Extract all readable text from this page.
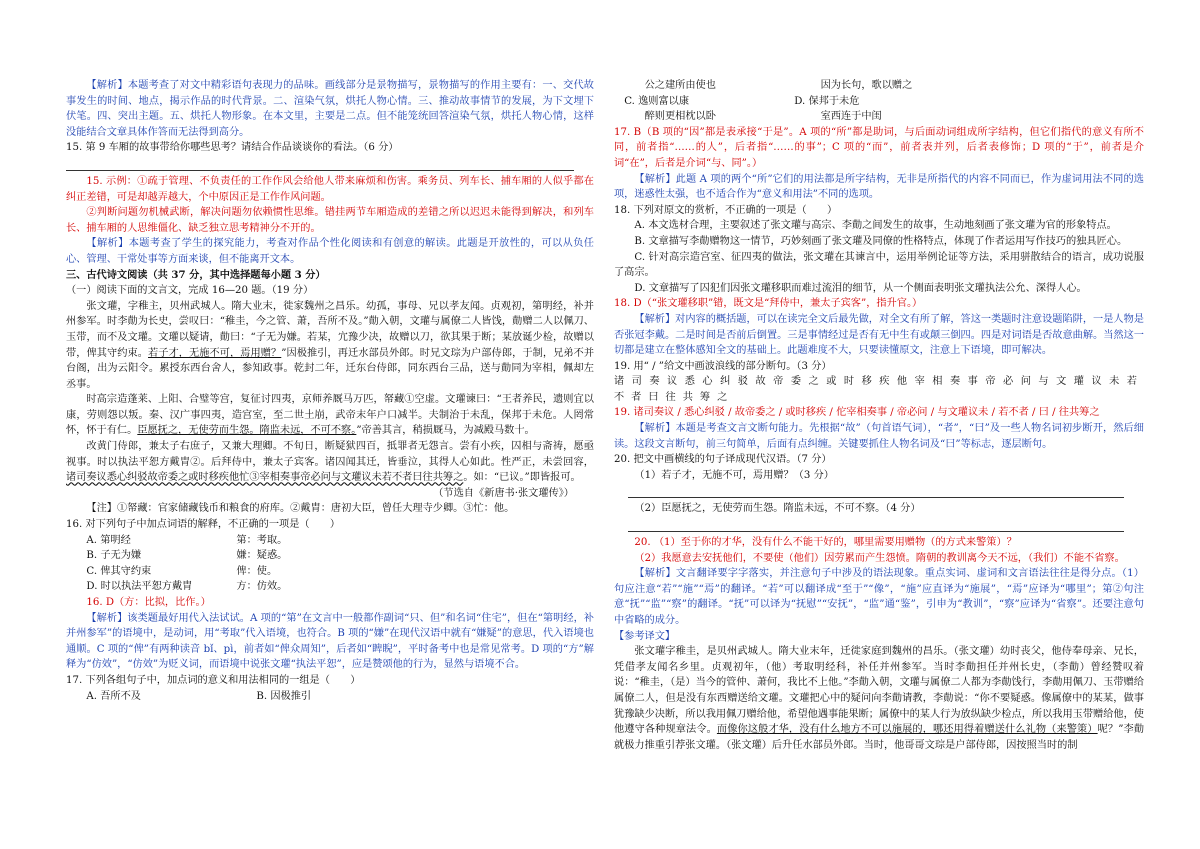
【解析】本题考查了对文中精彩语句表现力的品味。画线部分是景物描写，景物描写的作用主要有：一、交代故事发生的时间、地点，揭示作品的时代背景。二、渲染气氛，烘托人物心情。三、推动故事情节的发展，为下文埋下伏笔。四、突出主题。五、烘托人物形象。在本文里，主要是二点。但不能笼统回答渲染气氛，烘托人物心情，这样没能结合文章具体作答而无法得到高分。

15. 第 9 车厢的故事带给你哪些思考？请结合作品谈谈你的看法。（6 分）

15. 示例：①疏于管理、不负责任的工作作风会给他人带来麻烦和伤害。乘务员、列车长、捕车厢的人似乎都在纠正差错，可是却越弄越大，个中原因正是工作作风问题。

②判断问题勿机械武断，解决问题勿依赖惯性思维。错挂两节车厢造成的差错之所以迟迟未能得到解决，和列车长、捕车厢的人思维僵化、缺乏独立思考精神分不开的。

【解析】本题考查了学生的探究能力，考查对作品个性化阅读和有创意的解读。此题是开放性的，可以从负任心、管理、干常处事等方面来谈，但不能离开文本。

三、古代诗文阅读（共 37 分，其中选择题每小题 3 分）

（一）阅读下面的文言文，完成 16—20 题。（19 分）

张文瓘，字稚主，贝州武城人。隋大业末，徙家魏州之昌乐。幼孤，事母、兄以孝友闻。贞观初，第明经，补并州参军。时李勣为长史，尝叹曰：“稚圭，今之管、萧，吾所不及。”勣入朝，文瓘与属僚二人皆饯，勣赠二人以佩刀、玉带，而不及文瓘。文瓘以疑请，勣曰：“子无为嫌。若某，宂豫少决，故赠以刀，欲其果于断；某放诞少检，故赠以带，俾其守约束。若子才，无施不可，焉用赠？”因极推引，再迁水部员外郎。时兄文琮为户部侍郎，于制，兄弟不并台阁，出为云阳令。累授东西台舍人，参知政事。乾封二年，迁东台侍郎，同东西台三品，送与勣同为宰相，佩却左丞事。

时高宗造蓬莱、上阳、合璧等宫，复征讨四夷，京师养厩马万匹，帑藏①空虚。文瓘谏曰：“王者养民，遗则宜以康，劳则怨以叛。秦、汉广事四夷，造宫室，至二世土崩，武帝末年户口减半。夫制治于未乱，保邦于未危。人罔常怀，怀于有仁。臣愿抚之，无使劳而生怨。隋监未远，不可不察。”帝善其言，稍损厩马，为减殿马数十。

改黄门侍郎，兼太子右庶子，又兼大理卿。不旬日，断疑狱四百，抵罪者无怨言。尝有小疾，囚相与斋祷，愿亟视事。时以执法平恕方戴胄②。后拜侍中，兼太子宾客。诸囚闻其迁，皆垂泣，其得人心如此。性严正，未尝回容，诸司奏议悉心纠驳故帝委之或时移疾他忙③宰相奏事帝必问与文瓘议未若不者曰往共筹之。如：“已议。”即皆报可。

（节选自《新唐书·张文瓘传》）

【注】①帑藏：官家储藏钱币和粮食的府库。②戴胄：唐初大臣，曾任大理寺少卿。③忙：他。

16. 对下列句子中加点词语的解释，不正确的一项是（　　）

A. 第明经	第：考取。
B. 子无为嫌	嫌：疑惑。
C. 俾其守约束	俾：使。
D. 时以执法平恕方戴胄	方：仿效。

16. D（方：比拟，比作。）

【解析】该类题最好用代入法试试。A 项的“第”在文言中一般都作副词“只、但”和名词“住宅”，但在“第明经，补并州参军”的语境中，是动词，用“考取”代入语境，也符合。B 项的“嫌”在现代汉语中就有“嫌疑”的意思，代入语境也通顺。C 项的“俾”有两种读音 bǐ、pì，前者如“俾众周知”，后者如“睥睨”，平时备考中也是常见常考。D 项的“方”解释为“仿效”，“仿效”为贬义词，而语境中说张文瓘“执法平恕”，应是赞颂他的行为，显然与语境不合。

17. 下列各组句子中，加点词的意义和用法相同的一组是（　　）

A. 吾所不及	B. 因极推引
公之建所由使也	因为长句，歌以赠之
C. 逸则富以康	D. 保邦于未危
醉则更相枕以卧	室西连于中闺

17. B（B 项的“因”都是表承接“于是”。A 项的“所”都是助词，与后面动词组成所字结构，但它们指代的意义有所不同，前者指“……的人”，后者指“……的事”；C 项的“而”，前者表并列，后者表修饰；D 项的“于”，前者是介词“在”，后者是介词“与、同”。）

【解析】此题 A 项的两个“所”它们的用法都是所字结构，无非是所指代的内容不同而已，作为虚词用法不同的选项，迷惑性太强，也不适合作为“意义和用法”不同的选项。

18. 下列对原文的赏析，不正确的一项是（　　）

A. 本文选材合理，主要叙述了张文瓘与高宗、李勣之间发生的故事，生动地刻画了张文瓘为官的形象特点。

B. 文章描写李勣赠物这一情节，巧妙刻画了张文瓘及同僚的性格特点，体现了作者运用写作技巧的独具匠心。

C. 针对高宗造宫室、征四夷的做法，张文瓘在其谏言中，运用举例论证等方法，采用骈散结合的语言，成功说服了高宗。

D. 文章描写了囚犯们因张文瓘移职而难过流泪的细节，从一个侧面表明张文瓘执法公允、深得人心。

18. D（“张文瓘移职”错，既文是“拜侍中，兼太子宾客”，指升官。）

【解析】对内容的概括题，可以在读完全文后最先做，对全文有所了解，答这一类题时注意设题陷阱，一是人物是否张冠李戴。二是时间是否前后倒置。三是事情经过是否有无中生有或颠三倒四。四是对词语是否故意曲解。当然这一切都是建立在整体感知全文的基础上。此题难度不大，只要读懂原文，注意上下语境，即可解决。

19. 用“ / ”给文中画波浪线的部分断句。（3 分）

诸司奏议悉心纠驳故帝委之或时移疾他宰相奏事帝必问与文瓘议未若不者曰往共筹之

19. 诸司奏议 / 悉心纠驳 / 故帝委之 / 或时移疾 / 佗宰相奏事 / 帝必问 / 与文瓘议未 / 若不者 / 曰 / 往共筹之

【解析】本题是考查文言文断句能力。先根据“故”（句首语气词），“者”，“曰”及一些人物名词初步断开，然后细读。这段文言断句，前三句简单，后面有点纠缠。关键要抓住人物名词及“曰”等标志，逐层断句。

20. 把文中画横线的句子译成现代汉语。（7 分）

（1）若子才，无施不可，焉用赠？（3 分）

（2）臣愿抚之，无使劳而生怨。隋监未远，不可不察。（4 分）

20. （1）至于你的才华，没有什么不能干好的，哪里需要用赠物（的方式来警策）？

（2）我愿意去安抚他们，不要使（他们）因劳累而产生怨愤。隋朝的教训离今天不远，（我们）不能不省察。

【解析】文言翻译要字字落实，并注意句子中涉及的语法现象。重点实词、虚词和文言语法往往是得分点。（1）句应注意“若”“施”“焉”的翻译。“若”可以翻译成“至于”“像”，“施”应直译为“施展”，“焉”应译为“哪里”；第②句注意“抚”“监”“察”的翻译。“抚”可以译为“抚慰”“安抚”，“监”通“鉴”，引申为“教训”，“察”应译为“省察”。还要注意句中省略的成分。

【参考译文】

张文瓘字稚圭，是贝州武城人。隋大业末年，迁徙家庭到魏州的昌乐。（张文瓘）幼时丧父，他侍奉母亲、兄长，凭借孝友闻名乡里。贞观初年，（他）考取明经科，补任并州参军。当时李勣担任并州长史，（李勣）曾经赞叹着说：“稚圭，（是）当今的管仲、萧何，我比不上他。”李勣入朝，文瓘与属僚二人都为李勣饯行，李勣用佩刀、玉带赠给属僚二人，但是没有东西赠送给文瓘。文瓘把心中的疑问向李勣请教，李勣说：“你不要疑惑。像属僚中的某某，做事犹豫缺少决断，所以我用佩刀赠给他，希望他遇事能果断；属僚中的某人行为放纵缺少检点，所以我用玉带赠给他，使他遵守各种规章法令。而像你这般才华，没有什么地方不可以施展的，哪还用得着赠送什么礼物（来警策）呢？”李勣就极力推重引荐张文瓘。（张文瓘）后升任水部员外郎。当时，他哥哥文琮是户部侍郎，因按照当时的制
